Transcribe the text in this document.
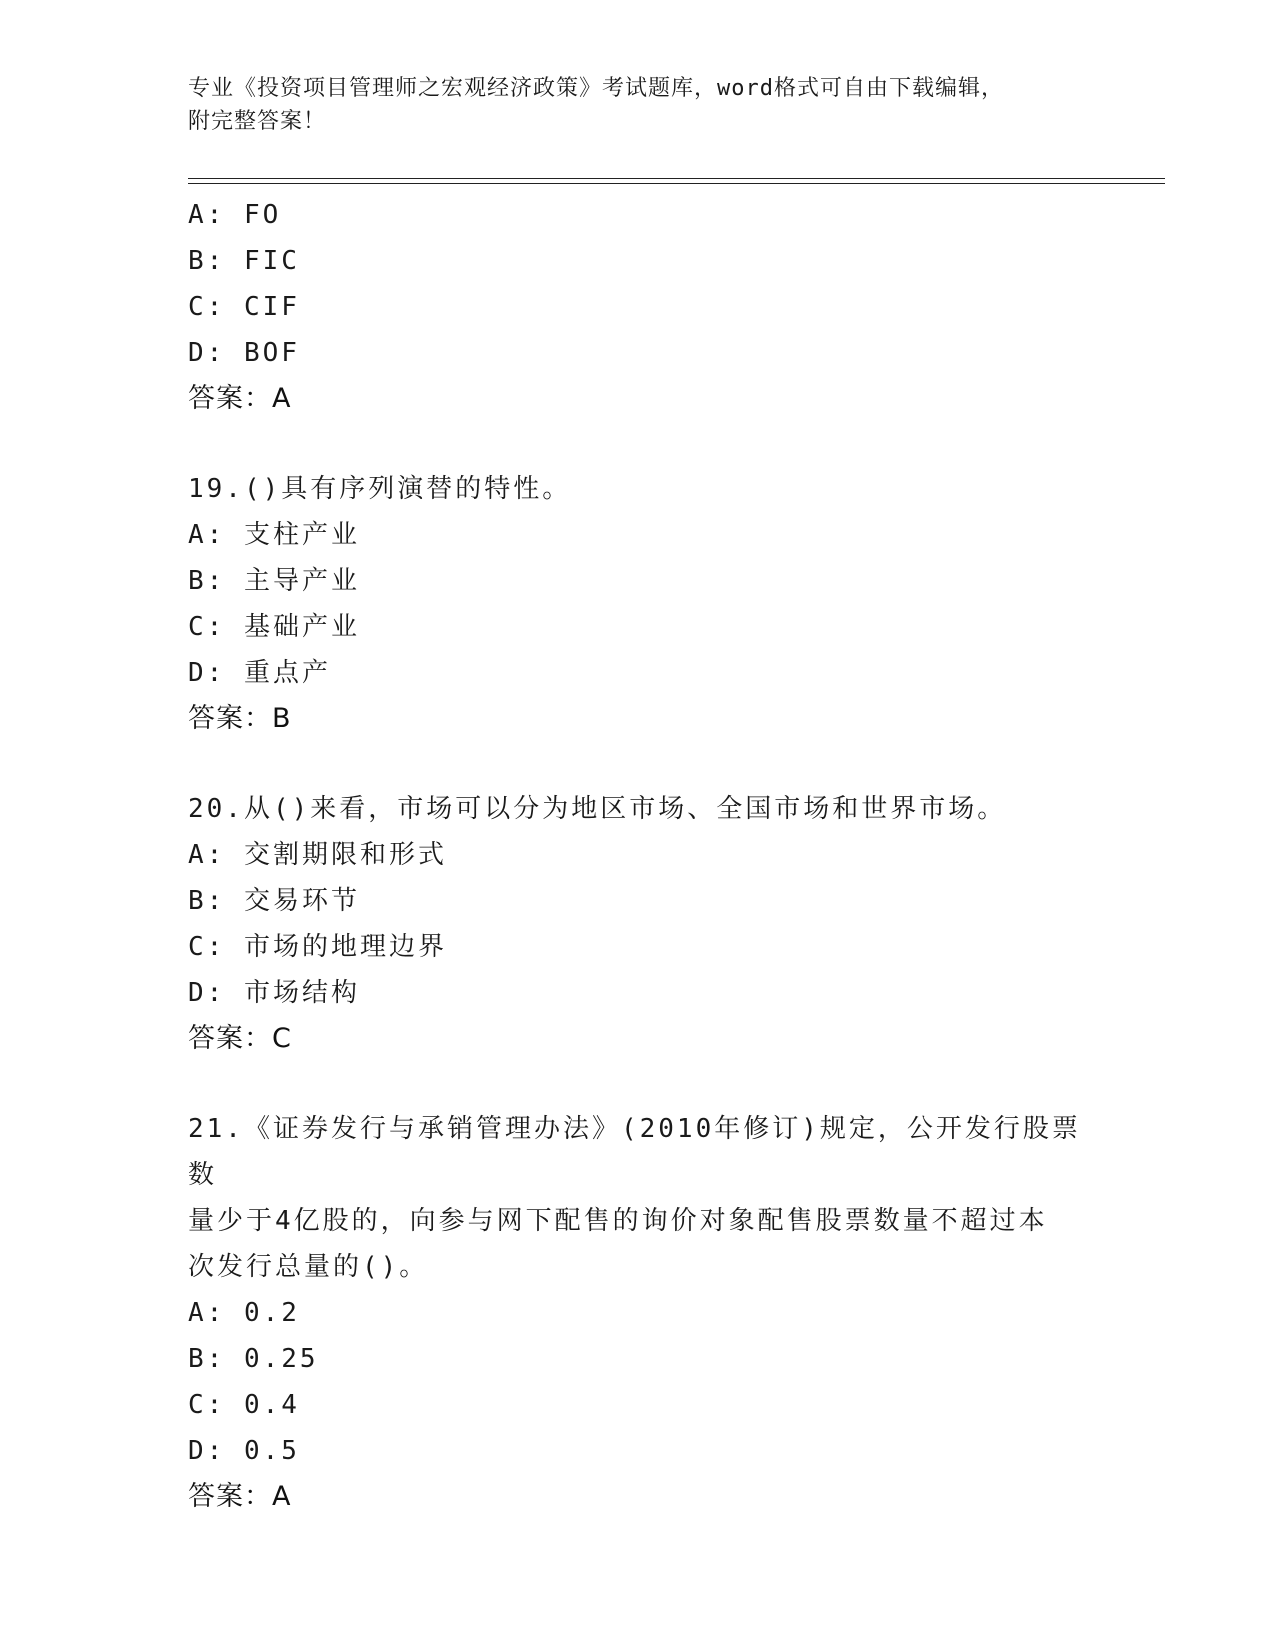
专业《投资项目管理师之宏观经济政策》考试题库，word格式可自由下载编辑，
附完整答案！
A: FO
B: FIC
C: CIF
D: BOF
答案：A
19.()具有序列演替的特性。
A: 支柱产业
B: 主导产业
C: 基础产业
D: 重点产
答案：B
20.从()来看，市场可以分为地区市场、全国市场和世界市场。
A: 交割期限和形式
B: 交易环节
C: 市场的地理边界
D: 市场结构
答案：C
21.《证券发行与承销管理办法》(2010年修订)规定，公开发行股票数
量少于4亿股的，向参与网下配售的询价对象配售股票数量不超过本
次发行总量的()。
A: 0.2
B: 0.25
C: 0.4
D: 0.5
答案：A
